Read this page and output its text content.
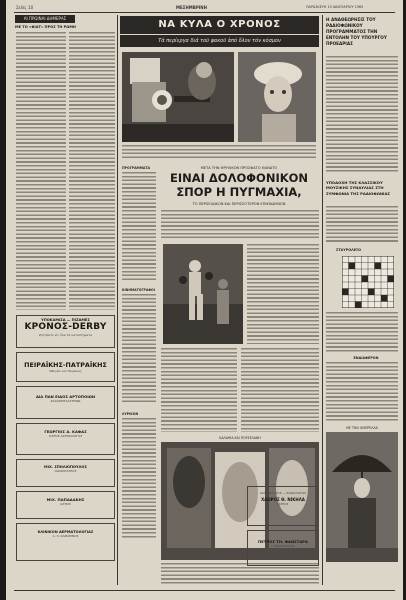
Σελίς 10	ΜΕΣΗΜΒΡΙΝΗ	ΠΑΡΑΣΚΕΥΗ 15 ΙΑΝΟΥΑΡΙΟΥ 1965
ΑΙ ΠΡΩΙΝΑΙ ΔΗΜΕΡΑΣ
ΜΕ ΤΟ «ΦΙΑΤ» ΠΡΟΣ ΤΗ ΡΩΜΗ
ΥΠΟΚΑΜΙΣΑ — ΠΙΖΑΜΕΣ
ΚΡΟΝΟΣ-DERBY
Ζητήσατε εἰς ὅλα τά καταστήματα
ΠΕΙΡΑΪΚΗΣ-ΠΑΤΡΑΪΚΗΣ
Ἀθηνῶν καί Πειραιῶς
ΔΙΑ ΠΑΝ ΕΙΔΟΣ ΑΡΤΟΠΟΙΩΝ
ΖΑΧΑΡΟΠΛΑΣΤΕΙΩΝ
ΓΕΩΡΓΙΟΣ Α. ΚΑΦΑΣ
ΙΑΤΡΟΣ ΑΚΤΙΝΟΛΟΓΟΣ
ΜΙΧ. ΣΠΗΛΙΟΠΟΥΛΟΣ
ΟΔΟΝΤΙΑΤΡΟΣ
ΜΙΧ. ΠΑΠΑΔΑΚΗΣ
ΙΑΤΡΟΣ
ΚΛΙΝΙΚΟΝ ΔΕΡΜΑΤΟΛΟΓΙΑΣ
Α. Χ. ΚΑΜΑΡΙΝΟΣ
ΝΑ ΚΥΛΑ Ο ΧΡΟΝΟΣ
Τά περίεργα διά τοῦ φακοῦ ἀπό ὅλον τόν κόσμον
ΠΡΟΓΡΑΜΜΑΤΑ
ΚΙΝΗΜΑΤΟΓΡΑΦΟΙ
ΛΥΡΙΚΟΝ
ΜΕΤΑ ΤΗΝ ΘΡΥΛΙΚΟΝ ΠΡΟΣΦΑΤΟ ΘΑΝΑΤΟ
ΕΙΝΑΙ ΔΟΛΟΦΟΝΙΚΟΝ
ΣΠΟΡ Η ΠΥΓΜΑΧΙΑ,
ΤΟ ΠΕΡΙΣΟΔΙΚΟΝ ΚΑΙ ΠΕΡΙΣΣΟΤΕΡΟΝ ΕΠΙΚΙΝΔΥΝΟΝ
ΚΑΛΑΘΙΑ ΚΑΙ ΠΟΡΣΕΛΑΝΗ
Η ΑΝΑΘΕΩΡΗΣΙΣ ΤΟΥ ΡΑΔΙΟΦΩΝΙΚΟΥ ΠΡΟΓΡΑΜΜΑΤΟΣ ΤΗΝ ΕΝΤΟΛΗΝ ΤΟΥ ΥΠΟΥΡΓΟΥ ΠΡΟΕΔΡΙΑΣ
ΥΠΟΔΟΧΗ ΤΗΣ ΚΛΑΣΣΙΚΟΥ ΜΟΥΣΙΚΗΣ ΣΥΝΑΥΛΙΑΣ ΣΤΗ ΣΥΜΦΩΝΙΑ ΤΗΣ ΡΑΔΙΟΦΩΝΙΑΣ
ΣΤΑΥΡΟΛΕΞΟ
ΕΝΔΙΑΦΕΡΟΝ
ΜΕ ΤΗΝ ΟΜΠΡΕΛΛΑ
ΑΚΤΙΝΟΛΟΓΟΣ — ΡΑΔΙΟΛΟΓΟΣ
ΧΛΩΡΟΣ Θ. ΝΙΚΗΛΑ
ΙΑΤΡΟΣ
ΠΕΤΡΟΣ ΤΗ. ΦΑΝΣΤΑΡΑ
ΓΥΝΑΙΚΟΛΟΓΟΣ
